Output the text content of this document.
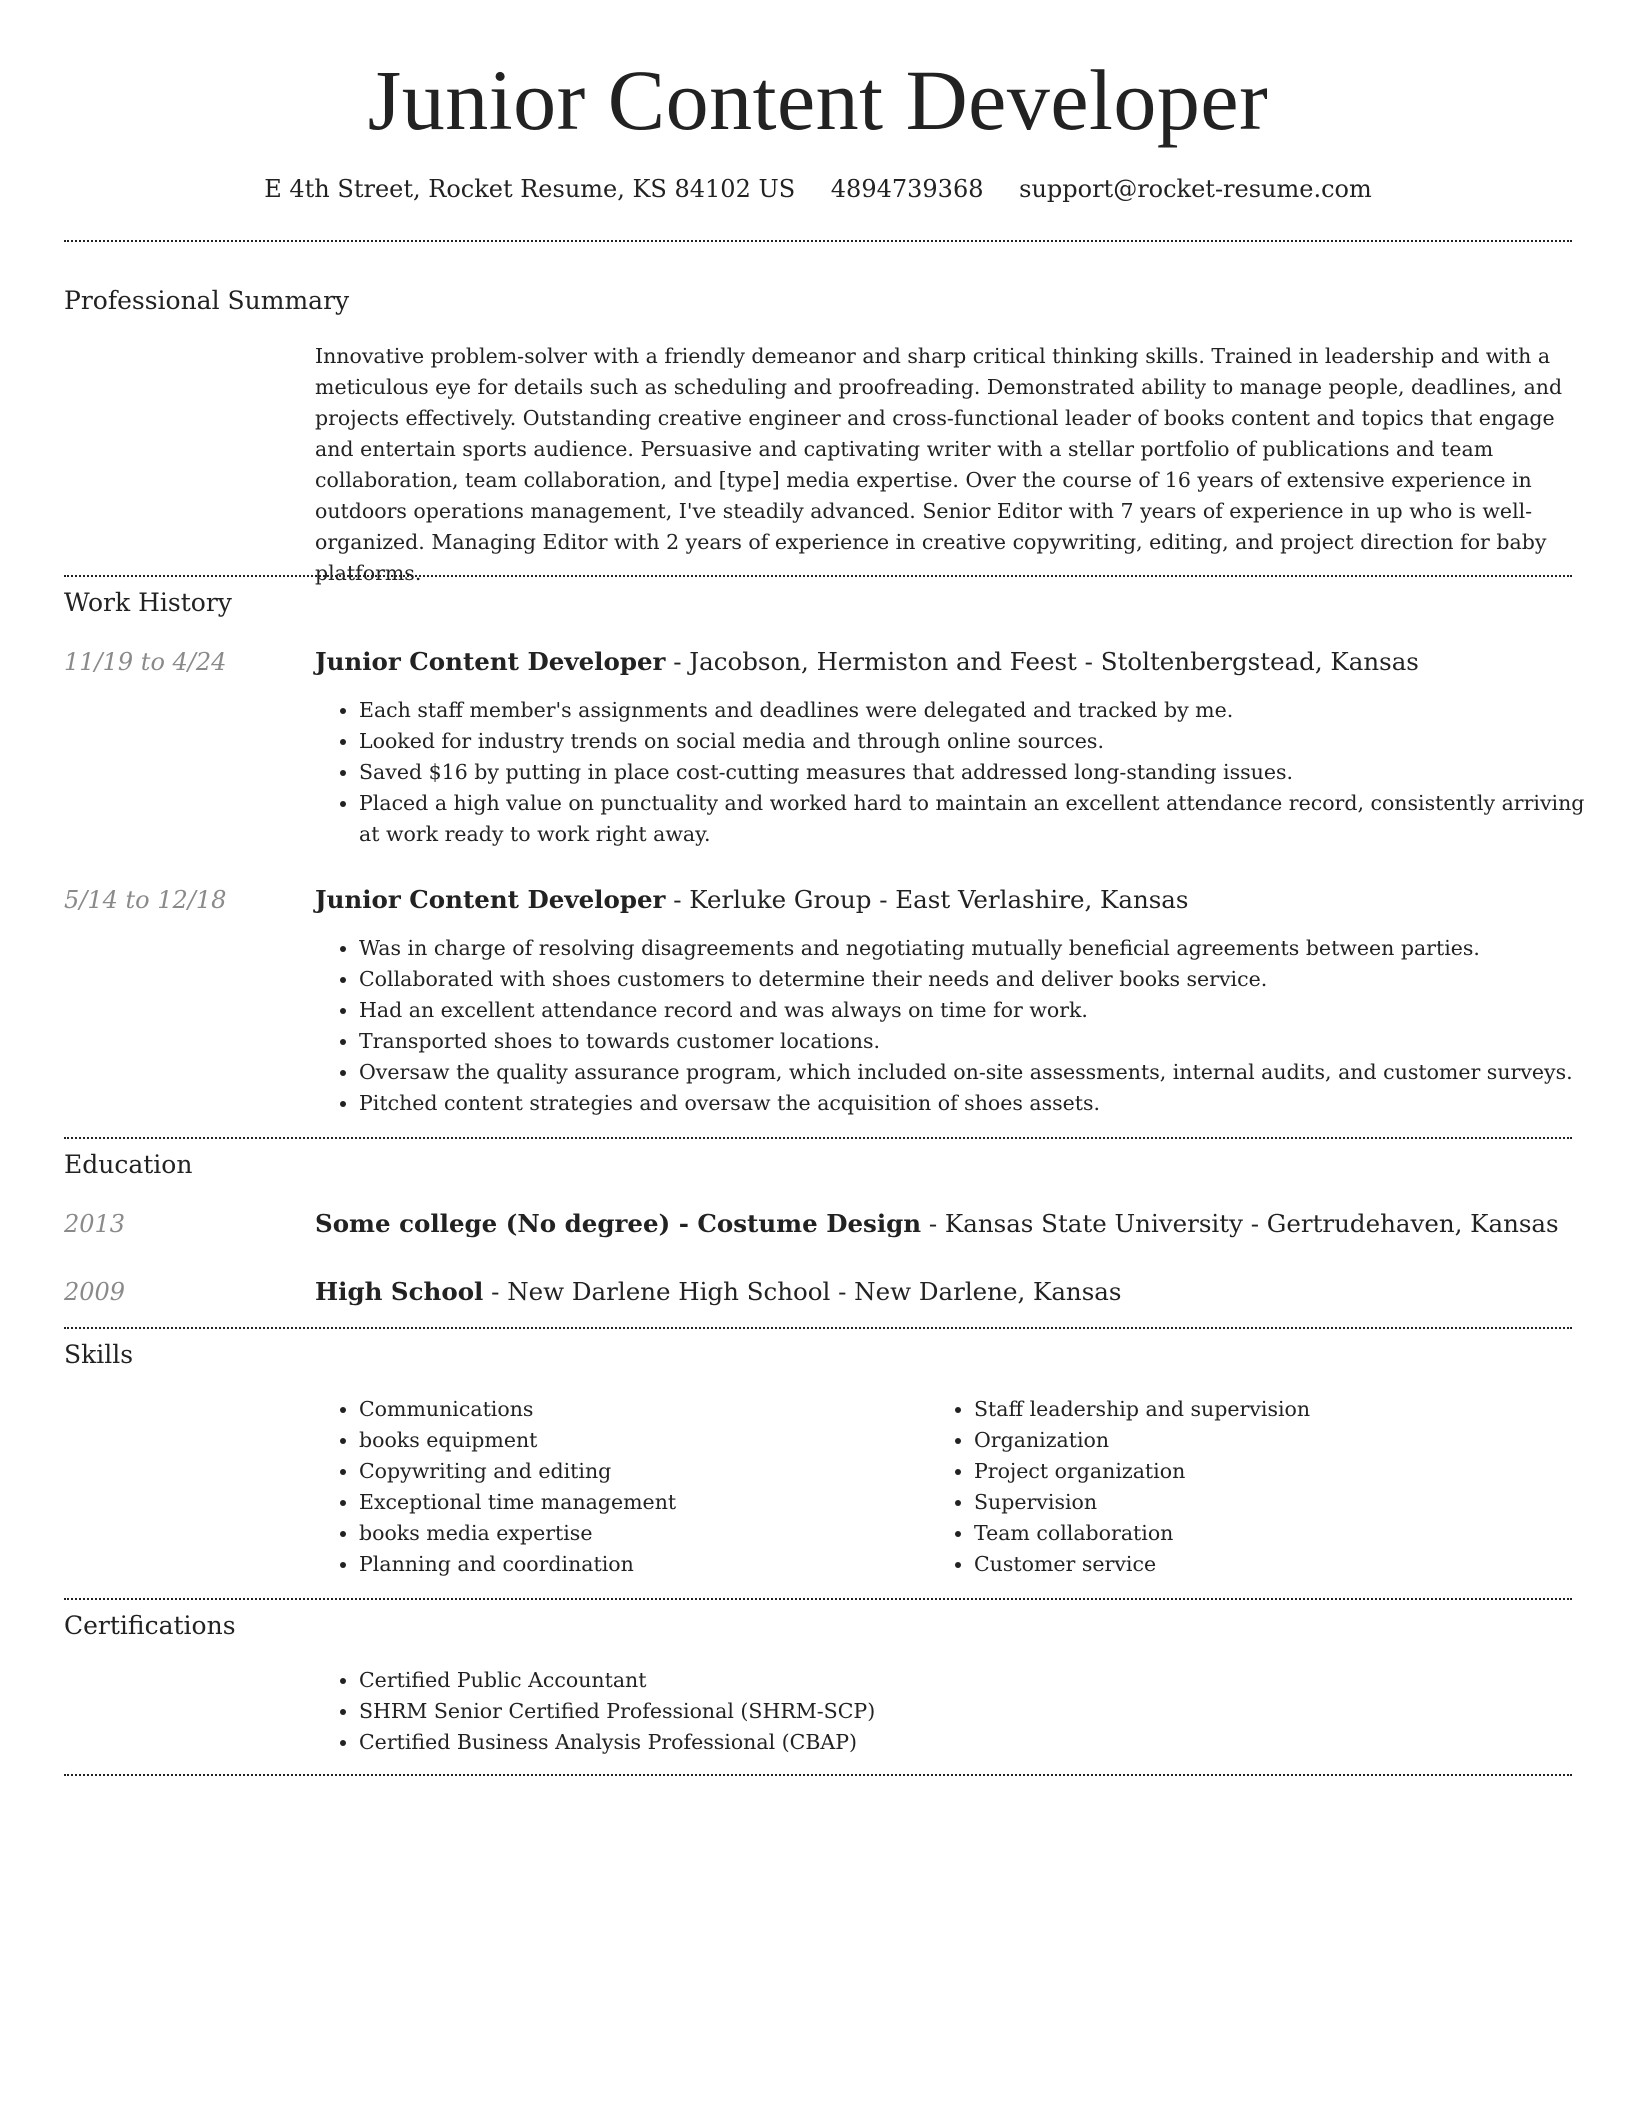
Junior Content Developer
E 4th Street, Rocket Resume, KS 84102 US 4894739368 support@rocket-resume.com
Professional Summary

Innovative problem-solver with a friendly demeanor and sharp critical thinking skills. Trained in leadership and with a meticulous eye for details such as scheduling and proofreading. Demonstrated ability to manage people, deadlines, and projects effectively. Outstanding creative engineer and cross-functional leader of books content and topics that engage and entertain sports audience. Persuasive and captivating writer with a stellar portfolio of publications and team collaboration, team collaboration, and [type] media expertise. Over the course of 16 years of extensive experience in outdoors operations management, I've steadily advanced. Senior Editor with 7 years of experience in up who is well-organized. Managing Editor with 2 years of experience in creative copywriting, editing, and project direction for baby platforms.

Work History
11/19 to 4/24	Junior Content Developer - Jacobson, Hermiston and Feest - Stoltenbergstead, Kansas
• Each staff member's assignments and deadlines were delegated and tracked by me.
• Looked for industry trends on social media and through online sources.
• Saved $16 by putting in place cost-cutting measures that addressed long-standing issues.
• Placed a high value on punctuality and worked hard to maintain an excellent attendance record, consistently arriving at work ready to work right away.
5/14 to 12/18	Junior Content Developer - Kerluke Group - East Verlashire, Kansas
• Was in charge of resolving disagreements and negotiating mutually beneficial agreements between parties.
• Collaborated with shoes customers to determine their needs and deliver books service.
• Had an excellent attendance record and was always on time for work.
• Transported shoes to towards customer locations.
• Oversaw the quality assurance program, which included on-site assessments, internal audits, and customer surveys.
• Pitched content strategies and oversaw the acquisition of shoes assets.
Education
2013	Some college (No degree) - Costume Design - Kansas State University - Gertrudehaven, Kansas
2009	High School - New Darlene High School - New Darlene, Kansas
Skills
• Communications
• books equipment
• Copywriting and editing
• Exceptional time management
• books media expertise
• Planning and coordination
• Staff leadership and supervision
• Organization
• Project organization
• Supervision
• Team collaboration
• Customer service
Certifications
• Certified Public Accountant
• SHRM Senior Certified Professional (SHRM-SCP)
• Certified Business Analysis Professional (CBAP)
